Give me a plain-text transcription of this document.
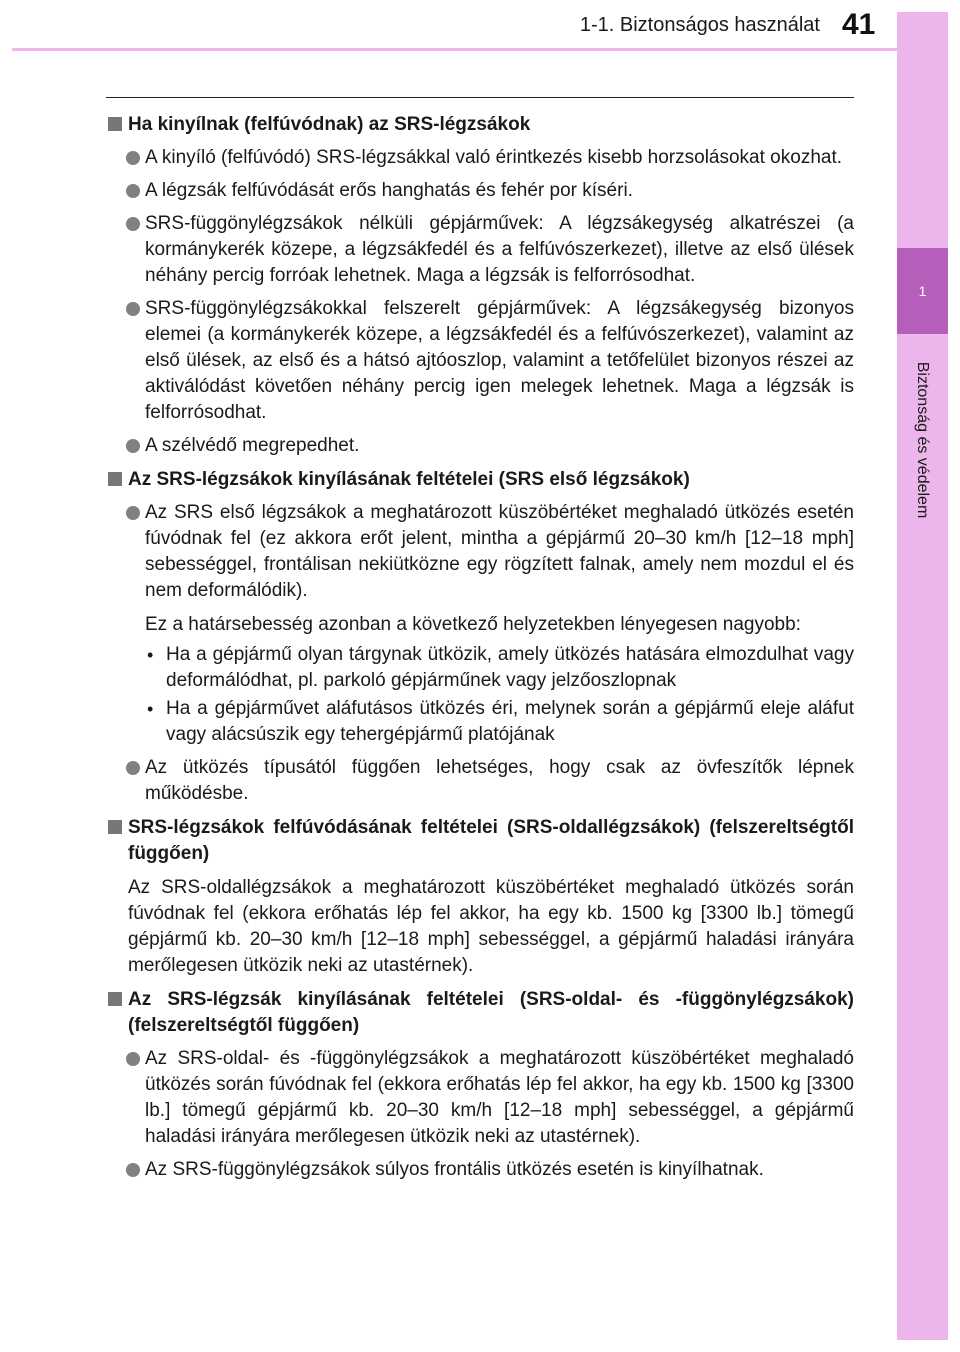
1
Biztonság és védelem
1-1. Biztonságos használat 41
Ha kinyílnak (felfúvódnak) az SRS-légzsákok
A kinyíló (felfúvódó) SRS-légzsákkal való érintkezés kisebb horzsolásokat okozhat.
A légzsák felfúvódását erős hanghatás és fehér por kíséri.
SRS-függönylégzsákok nélküli gépjárművek: A légzsákegység alkatrészei (a kormánykerék közepe, a légzsákfedél és a felfúvószerkezet), illetve az első ülések néhány percig forróak lehetnek. Maga a légzsák is felforrósodhat.
SRS-függönylégzsákokkal felszerelt gépjárművek: A légzsákegység bizonyos elemei (a kormánykerék közepe, a légzsákfedél és a felfúvószerkezet), valamint az első ülések, az első és a hátsó ajtóoszlop, valamint a tetőfelület bizonyos részei az aktiválódást követően néhány percig igen melegek lehetnek. Maga a légzsák is felforrósodhat.
A szélvédő megrepedhet.
Az SRS-légzsákok kinyílásának feltételei (SRS első légzsákok)
Az SRS első légzsákok a meghatározott küszöbértéket meghaladó ütközés esetén fúvódnak fel (ez akkora erőt jelent, mintha a gépjármű 20–30 km/h [12–18 mph] sebességgel, frontálisan nekiütközne egy rögzített falnak, amely nem mozdul el és nem deformálódik).
Ez a határsebesség azonban a következő helyzetekben lényegesen nagyobb:
• Ha a gépjármű olyan tárgynak ütközik, amely ütközés hatására elmozdulhat vagy deformálódhat, pl. parkoló gépjárműnek vagy jelzőoszlopnak
• Ha a gépjárművet aláfutásos ütközés éri, melynek során a gépjármű eleje aláfut vagy alácsúszik egy tehergépjármű platójának
Az ütközés típusától függően lehetséges, hogy csak az övfeszítők lépnek működésbe.
SRS-légzsákok felfúvódásának feltételei (SRS-oldallégzsákok) (felszereltségtől függően)
Az SRS-oldallégzsákok a meghatározott küszöbértéket meghaladó ütközés során fúvódnak fel (ekkora erőhatás lép fel akkor, ha egy kb. 1500 kg [3300 lb.] tömegű gépjármű kb. 20–30 km/h [12–18 mph] sebességgel, a gépjármű haladási irányára merőlegesen ütközik neki az utastérnek).
Az SRS-légzsák kinyílásának feltételei (SRS-oldal- és -függönylégzsákok) (felszereltségtől függően)
Az SRS-oldal- és -függönylégzsákok a meghatározott küszöbértéket meghaladó ütközés során fúvódnak fel (ekkora erőhatás lép fel akkor, ha egy kb. 1500 kg [3300 lb.] tömegű gépjármű kb. 20–30 km/h [12–18 mph] sebességgel, a gépjármű haladási irányára merőlegesen ütközik neki az utastérnek).
Az SRS-függönylégzsákok súlyos frontális ütközés esetén is kinyílhatnak.
